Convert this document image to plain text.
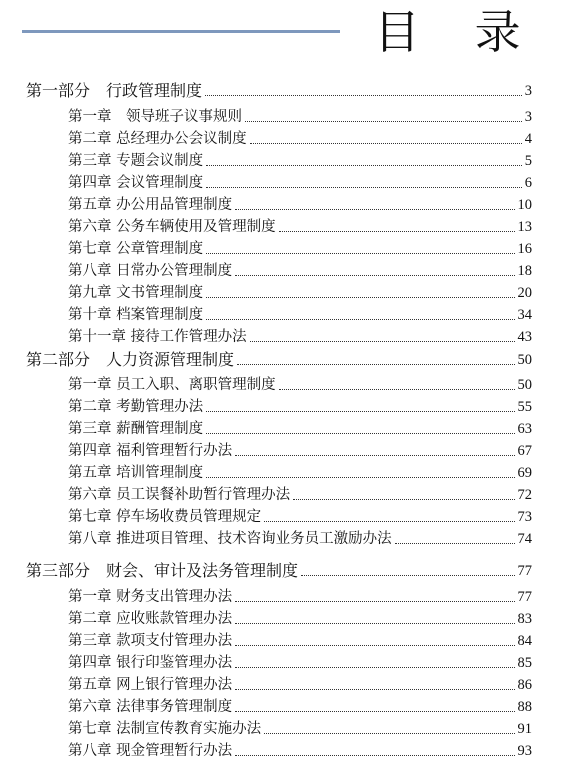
目 录
第一部分　行政管理制度	3
第一章　领导班子议事规则	3
第二章 总经理办公会议制度	4
第三章 专题会议制度	5
第四章 会议管理制度	6
第五章 办公用品管理制度	10
第六章 公务车辆使用及管理制度	13
第七章 公章管理制度	16
第八章 日常办公管理制度	18
第九章 文书管理制度	20
第十章 档案管理制度	34
第十一章 接待工作管理办法	43
第二部分　人力资源管理制度	50
第一章 员工入职、离职管理制度	50
第二章 考勤管理办法	55
第三章 薪酬管理制度	63
第四章 福利管理暂行办法	67
第五章 培训管理制度	69
第六章 员工误餐补助暂行管理办法	72
第七章 停车场收费员管理规定	73
第八章 推进项目管理、技术咨询业务员工激励办法	74
第三部分　财会、审计及法务管理制度	77
第一章 财务支出管理办法	77
第二章 应收账款管理办法	83
第三章 款项支付管理办法	84
第四章 银行印鉴管理办法	85
第五章 网上银行管理办法	86
第六章 法律事务管理制度	88
第七章 法制宣传教育实施办法	91
第八章 现金管理暂行办法	93
